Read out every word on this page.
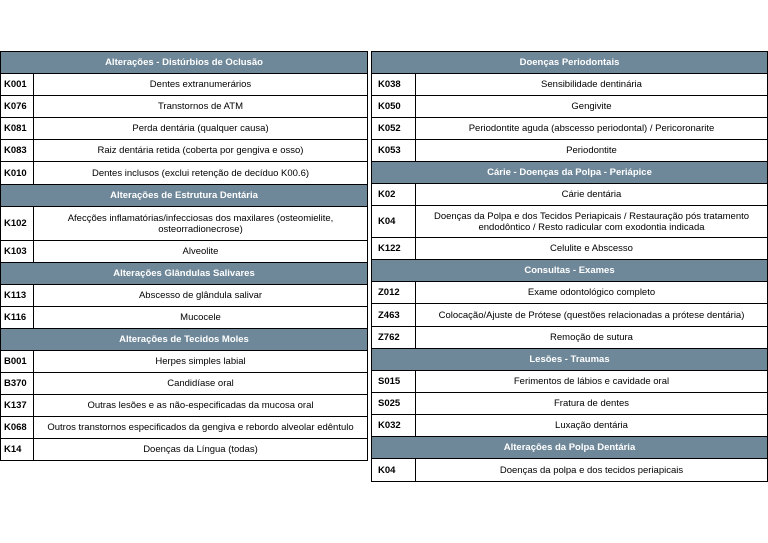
Alterações - Distúrbios de Oclusão
K001	Dentes extranumerários
K076	Transtornos de ATM
K081	Perda dentária (qualquer causa)
K083	Raiz dentária retida (coberta por gengiva e osso)
K010	Dentes inclusos (exclui retenção de decíduo K00.6)
Alterações de Estrutura Dentária
K102	Afecções inflamatórias/infecciosas dos maxilares (osteomielite, osteorradionecrose)
K103	Alveolite
Alterações Glândulas Salivares
K113	Abscesso de glândula salivar
K116	Mucocele
Alterações de Tecidos Moles
B001	Herpes simples labial
B370	Candidíase oral
K137	Outras lesões e as não-especificadas da mucosa oral
K068	Outros transtornos especificados da gengiva e rebordo alveolar edêntulo
K14	Doenças da Língua (todas)
Doenças Periodontais
K038	Sensibilidade dentinária
K050	Gengivite
K052	Periodontite aguda (abscesso periodontal) / Pericoronarite
K053	Periodontite
Cárie - Doenças da Polpa - Periápice
K02	Cárie dentária
K04	Doenças da Polpa e dos Tecidos Periapicais / Restauração pós tratamento endodôntico / Resto radicular com exodontia indicada
K122	Celulite e Abscesso
Consultas - Exames
Z012	Exame odontológico completo
Z463	Colocação/Ajuste de Prótese (questões relacionadas a prótese dentária)
Z762	Remoção de sutura
Lesões - Traumas
S015	Ferimentos de lábios e cavidade oral
S025	Fratura de dentes
K032	Luxação dentária
Alterações da Polpa Dentária
K04	Doenças da polpa e dos tecidos periapicais
